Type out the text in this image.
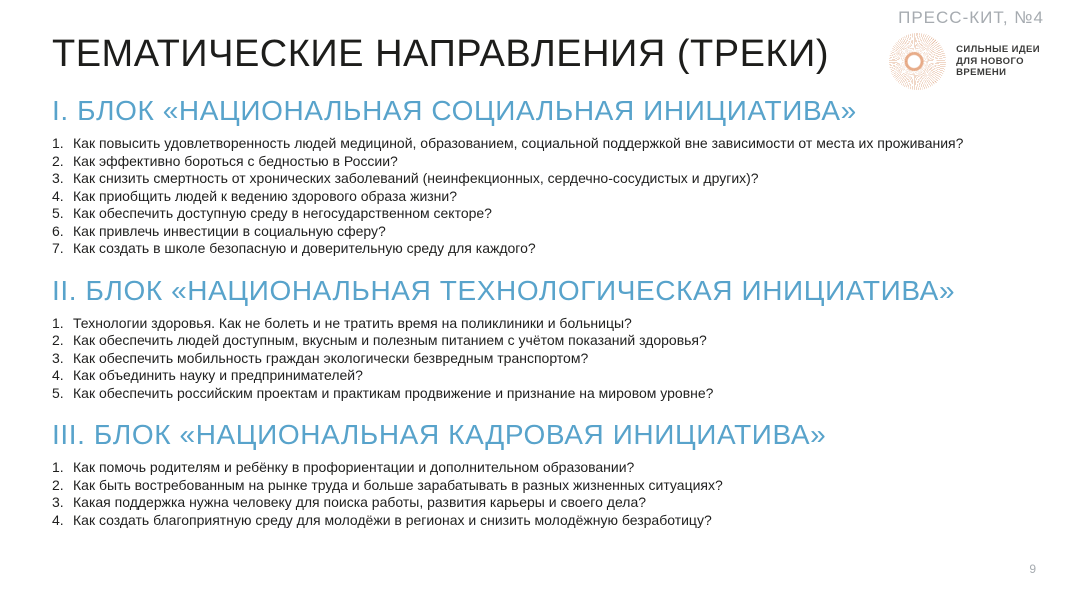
ПРЕСС-КИТ, №4
СИЛЬНЫЕ ИДЕИ
ДЛЯ НОВОГО
ВРЕМЕНИ
ТЕМАТИЧЕСКИЕ НАПРАВЛЕНИЯ (ТРЕКИ)
I. БЛОК «НАЦИОНАЛЬНАЯ СОЦИАЛЬНАЯ ИНИЦИАТИВА»
1. Как повысить удовлетворенность людей медициной, образованием, социальной поддержкой вне зависимости от места их проживания?
2. Как эффективно бороться с бедностью в России?
3. Как снизить смертность от хронических заболеваний (неинфекционных, сердечно-сосудистых и других)?
4. Как приобщить людей к ведению здорового образа жизни?
5. Как обеспечить доступную среду в негосударственном секторе?
6. Как привлечь инвестиции в социальную сферу?
7. Как создать в школе безопасную и доверительную среду для каждого?
II. БЛОК «НАЦИОНАЛЬНАЯ ТЕХНОЛОГИЧЕСКАЯ ИНИЦИАТИВА»
1. Технологии здоровья. Как не болеть и не тратить время на поликлиники и больницы?
2. Как обеспечить людей доступным, вкусным и полезным питанием с учётом показаний здоровья?
3. Как обеспечить мобильность граждан экологически безвредным транспортом?
4. Как объединить науку и предпринимателей?
5. Как обеспечить российским проектам и практикам продвижение и признание на мировом уровне?
III. БЛОК «НАЦИОНАЛЬНАЯ КАДРОВАЯ ИНИЦИАТИВА»
1. Как помочь родителям и ребёнку в профориентации и дополнительном образовании?
2. Как быть востребованным на рынке труда и больше зарабатывать в разных жизненных ситуациях?
3. Какая поддержка нужна человеку для поиска работы, развития карьеры и своего дела?
4. Как создать благоприятную среду для молодёжи в регионах и снизить молодёжную безработицу?
9
